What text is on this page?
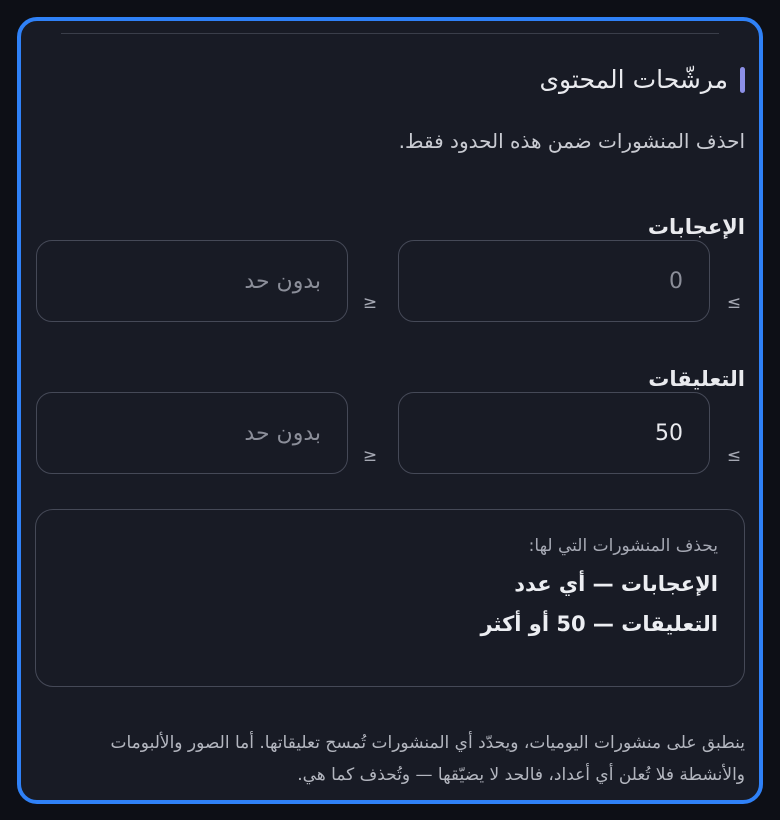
مرشّحات المحتوى
احذف المنشورات ضمن هذه الحدود فقط.
الإعجابات
≤
0
≥
بدون حد
التعليقات
≤
50
≥
بدون حد
يحذف المنشورات التي لها:
الإعجابات — أي عدد
التعليقات — 50 أو أكثر
ينطبق على منشورات اليوميات، ويحدّد أي المنشورات تُمسح تعليقاتها. أما الصور والألبومات والأنشطة فلا تُعلن أي أعداد، فالحد لا يضيّقها — وتُحذف كما هي.
